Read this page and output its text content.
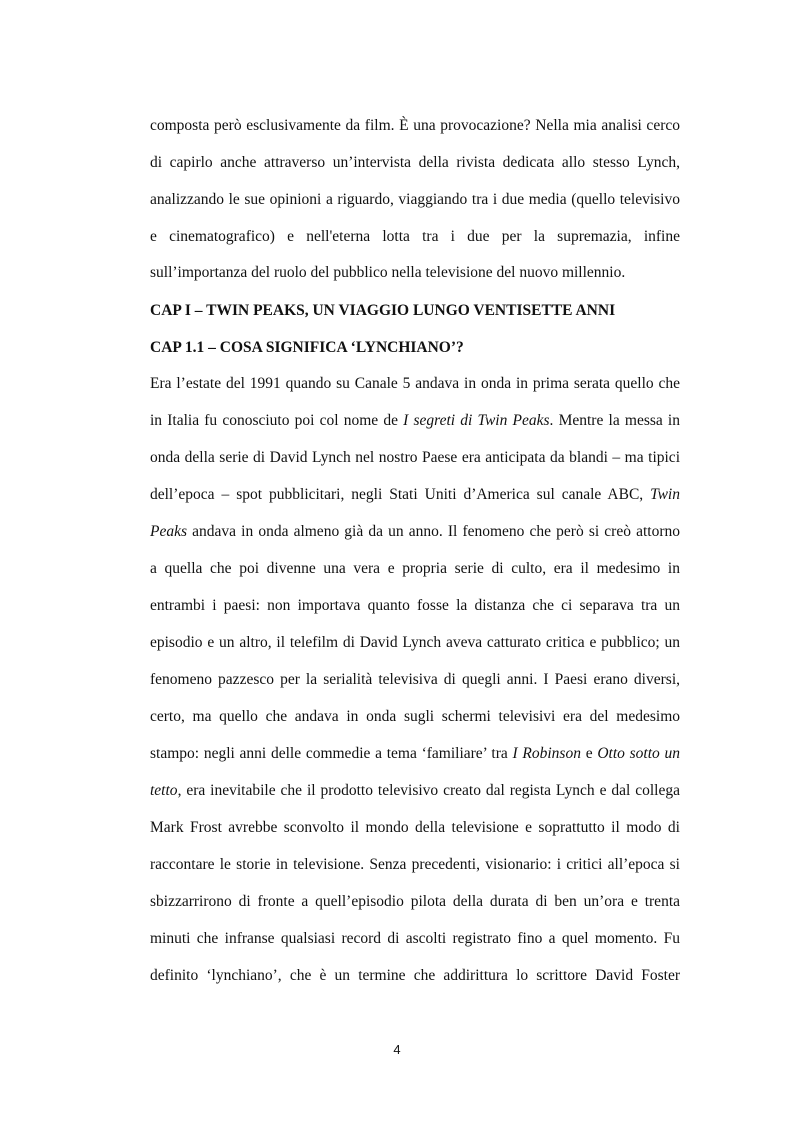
composta però esclusivamente da film. È una provocazione? Nella mia analisi cerco
di capirlo anche attraverso un’intervista della rivista dedicata allo stesso Lynch,
analizzando le sue opinioni a riguardo, viaggiando tra i due media (quello televisivo
e cinematografico) e nell'eterna lotta tra i due per la supremazia, infine
sull’importanza del ruolo del pubblico nella televisione del nuovo millennio.
CAP I – TWIN PEAKS, UN VIAGGIO LUNGO VENTISETTE ANNI
CAP 1.1 – COSA SIGNIFICA ‘LYNCHIANO’?
Era l’estate del 1991 quando su Canale 5 andava in onda in prima serata quello che
in Italia fu conosciuto poi col nome de I segreti di Twin Peaks. Mentre la messa in
onda della serie di David Lynch nel nostro Paese era anticipata da blandi – ma tipici
dell’epoca – spot pubblicitari, negli Stati Uniti d’America sul canale ABC, Twin
Peaks andava in onda almeno già da un anno. Il fenomeno che però si creò attorno
a quella che poi divenne una vera e propria serie di culto, era il medesimo in
entrambi i paesi: non importava quanto fosse la distanza che ci separava tra un
episodio e un altro, il telefilm di David Lynch aveva catturato critica e pubblico; un
fenomeno pazzesco per la serialità televisiva di quegli anni. I Paesi erano diversi,
certo, ma quello che andava in onda sugli schermi televisivi era del medesimo
stampo: negli anni delle commedie a tema ‘familiare’ tra I Robinson e Otto sotto un
tetto, era inevitabile che il prodotto televisivo creato dal regista Lynch e dal collega
Mark Frost avrebbe sconvolto il mondo della televisione e soprattutto il modo di
raccontare le storie in televisione. Senza precedenti, visionario: i critici all’epoca si
sbizzarrirono di fronte a quell’episodio pilota della durata di ben un’ora e trenta
minuti che infranse qualsiasi record di ascolti registrato fino a quel momento. Fu
definito ‘lynchiano’, che è un termine che addirittura lo scrittore David Foster
4
